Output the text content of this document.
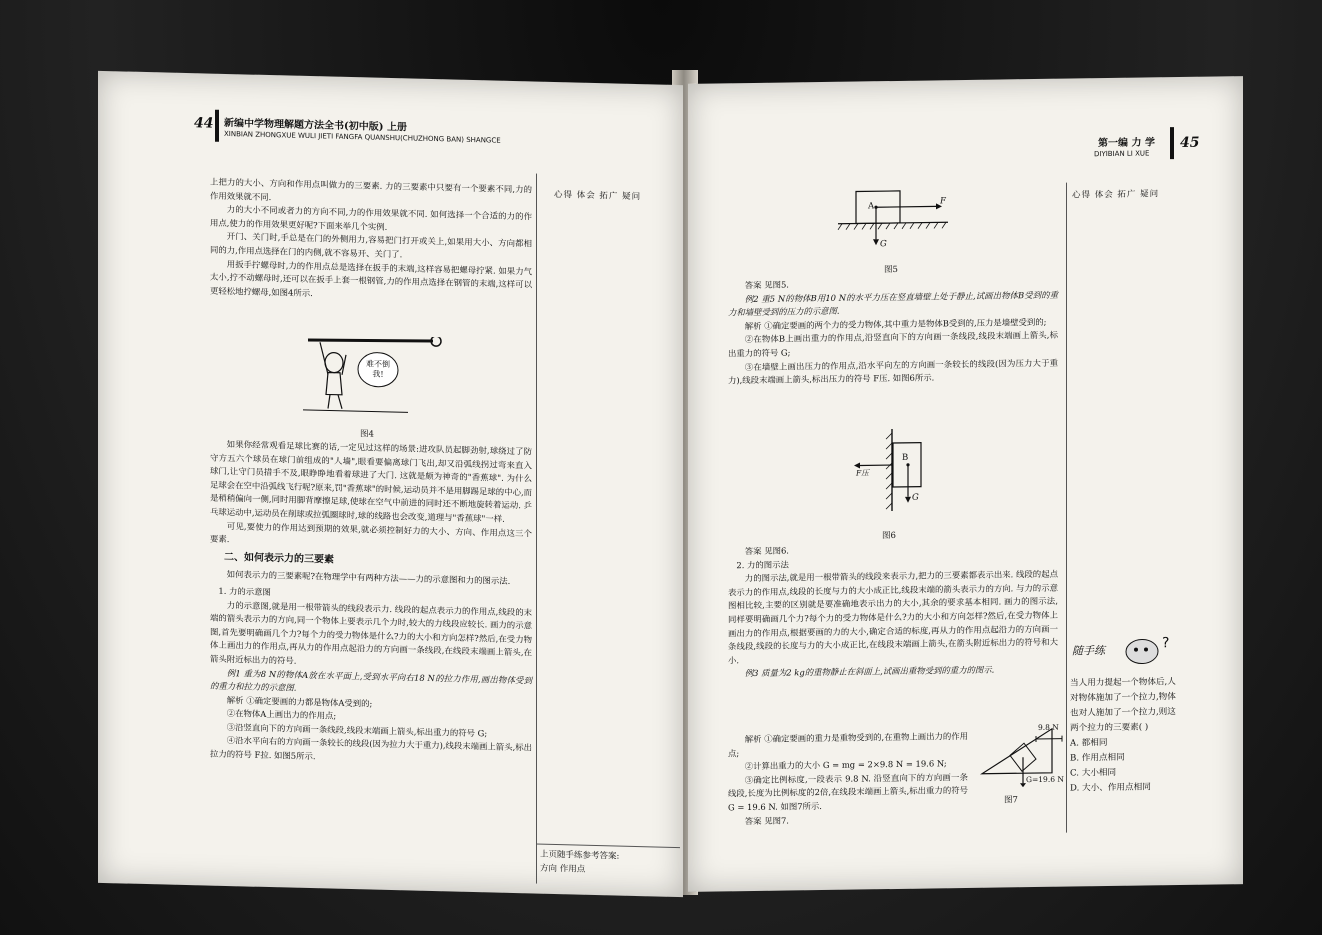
44 新编中学物理解题方法全书(初中版) 上册
XINBIAN ZHONGXUE WULI JIETI FANGFA QUANSHU(CHUZHONG BAN) SHANGCE
心得 体会 拓广 疑问

上把力的大小、方向和作用点叫做力的三要素. 力的三要素中只要有一个要素不同,力的作用效果就不同.

力的大小不同或者力的方向不同,力的作用效果就不同. 如何选择一个合适的力的作用点,使力的作用效果更好呢?下面来举几个实例.

开门、关门时,手总是在门的外侧用力,容易把门打开或关上,如果用大小、方向都相同的力,作用点选择在门的内侧,就不容易开、关门了.

用扳手拧螺母时,力的作用点总是选择在扳手的末端,这样容易把螺母拧紧. 如果力气太小,拧不动螺母时,还可以在扳手上套一根钢管,力的作用点选择在钢管的末端,这样可以更轻松地拧螺母,如图4所示.

难不倒我!
图4

如果你经常观看足球比赛的话,一定见过这样的场景:进攻队员起脚劲射,球绕过了防守方五六个球员在球门前组成的"人墙",眼看要偏离球门飞出,却又沿弧线拐过弯来直入球门,让守门员措手不及,眼睁睁地看着球进了大门. 这就是颇为神奇的"香蕉球". 为什么足球会在空中沿弧线飞行呢?原来,罚"香蕉球"的时候,运动员并不是用脚踢足球的中心,而是稍稍偏向一侧,同时用脚背摩擦足球,使球在空气中前进的同时还不断地旋转着运动. 乒乓球运动中,运动员在削球或拉弧圈球时,球的线路也会改变,道理与"香蕉球"一样.

可见,要使力的作用达到预期的效果,就必须控制好力的大小、方向、作用点这三个要素.

二、如何表示力的三要素

如何表示力的三要素呢?在物理学中有两种方法——力的示意图和力的图示法.

1. 力的示意图

力的示意图,就是用一根带箭头的线段表示力. 线段的起点表示力的作用点,线段的末端的箭头表示力的方向,同一个物体上要表示几个力时,较大的力线段应较长. 画力的示意图,首先要明确画几个力?每个力的受力物体是什么?力的大小和方向怎样?然后,在受力物体上画出力的作用点,再从力的作用点起沿力的方向画一条线段,在线段末端画上箭头,在箭头附近标出力的符号.

例1 重为8 N的物体A放在水平面上,受到水平向右18 N的拉力作用,画出物体受到的重力和拉力的示意图.

解析 ①确定要画的力都是物体A受到的;

②在物体A上画出力的作用点;

③沿竖直向下的方向画一条线段,线段末端画上箭头,标出重力的符号 G;

④沿水平向右的方向画一条较长的线段(因为拉力大于重力),线段末端画上箭头,标出拉力的符号 F拉. 如图5所示.

上页随手练参考答案:
方向 作用点
第一编 力 学
DIYIBIAN LI XUE
45
心得 体会 拓广 疑问
A	F
G
图5

答案 见图5.

例2 重5 N的物体B用10 N的水平力压在竖直墙壁上处于静止,试画出物体B受到的重力和墙壁受到的压力的示意图.

解析 ①确定要画的两个力的受力物体,其中重力是物体B受到的,压力是墙壁受到的;

②在物体B上画出重力的作用点,沿竖直向下的方向画一条线段,线段末端画上箭头,标出重力的符号 G;

③在墙壁上画出压力的作用点,沿水平向左的方向画一条较长的线段(因为压力大于重力),线段末端画上箭头,标出压力的符号 F压. 如图6所示.

F压
B
G
图6

答案 见图6.

2. 力的图示法

力的图示法,就是用一根带箭头的线段来表示力,把力的三要素都表示出来. 线段的起点表示力的作用点,线段的长度与力的大小成正比,线段末端的箭头表示力的方向. 与力的示意图相比较,主要的区别就是要准确地表示出力的大小,其余的要求基本相同. 画力的图示法,同样要明确画几个力?每个力的受力物体是什么?力的大小和方向怎样?然后,在受力物体上画出力的作用点,根据要画的力的大小,确定合适的标度,再从力的作用点起沿力的方向画一条线段,线段的长度与力的大小成正比,在线段末端画上箭头,在箭头附近标出力的符号和大小.

例3 质量为2 kg的重物静止在斜面上,试画出重物受到的重力的图示.

解析 ①确定要画的重力是重物受到的,在重物上画出力的作用点;

②计算出重力的大小 G = mg = 2×9.8 N = 19.6 N;

③确定比例标度,一段表示 9.8 N. 沿竖直向下的方向画一条线段,长度为比例标度的2倍,在线段末端画上箭头,标出重力的符号 G = 19.6 N. 如图7所示.

答案 见图7.

9.8 N
G=19.6 N
图7
随手练	?
当人用力提起一个物体后,人对物体施加了一个拉力,物体也对人施加了一个拉力,则这两个拉力的三要素( )
A. 都相同
B. 作用点相同
C. 大小相同
D. 大小、作用点相同
